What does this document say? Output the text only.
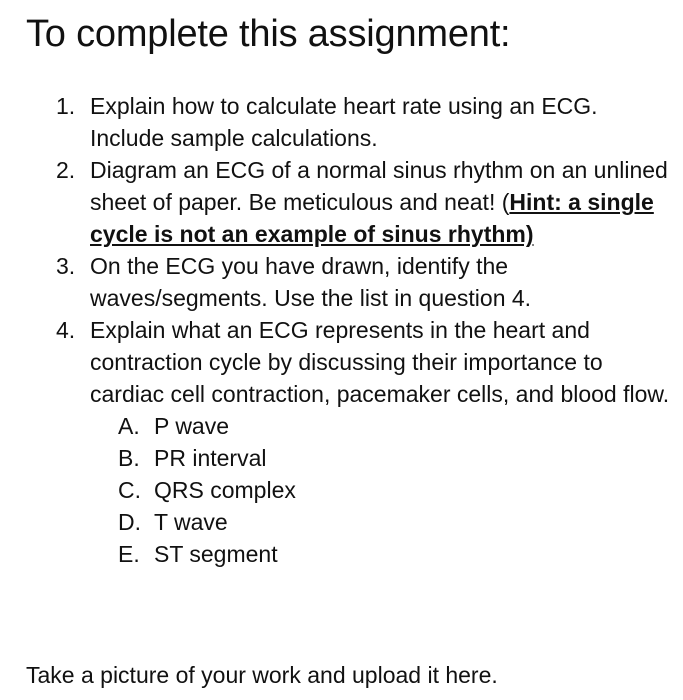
To complete this assignment:
1. Explain how to calculate heart rate using an ECG. Include sample calculations.
2. Diagram an ECG of a normal sinus rhythm on an unlined sheet of paper. Be meticulous and neat! (Hint: a single cycle is not an example of sinus rhythm)
3. On the ECG you have drawn, identify the waves/segments. Use the list in question 4.
4. Explain what an ECG represents in the heart and contraction cycle by discussing their importance to cardiac cell contraction, pacemaker cells, and blood flow.
A. P wave
B. PR interval
C. QRS complex
D. T wave
E. ST segment

Take a picture of your work and upload it here.
